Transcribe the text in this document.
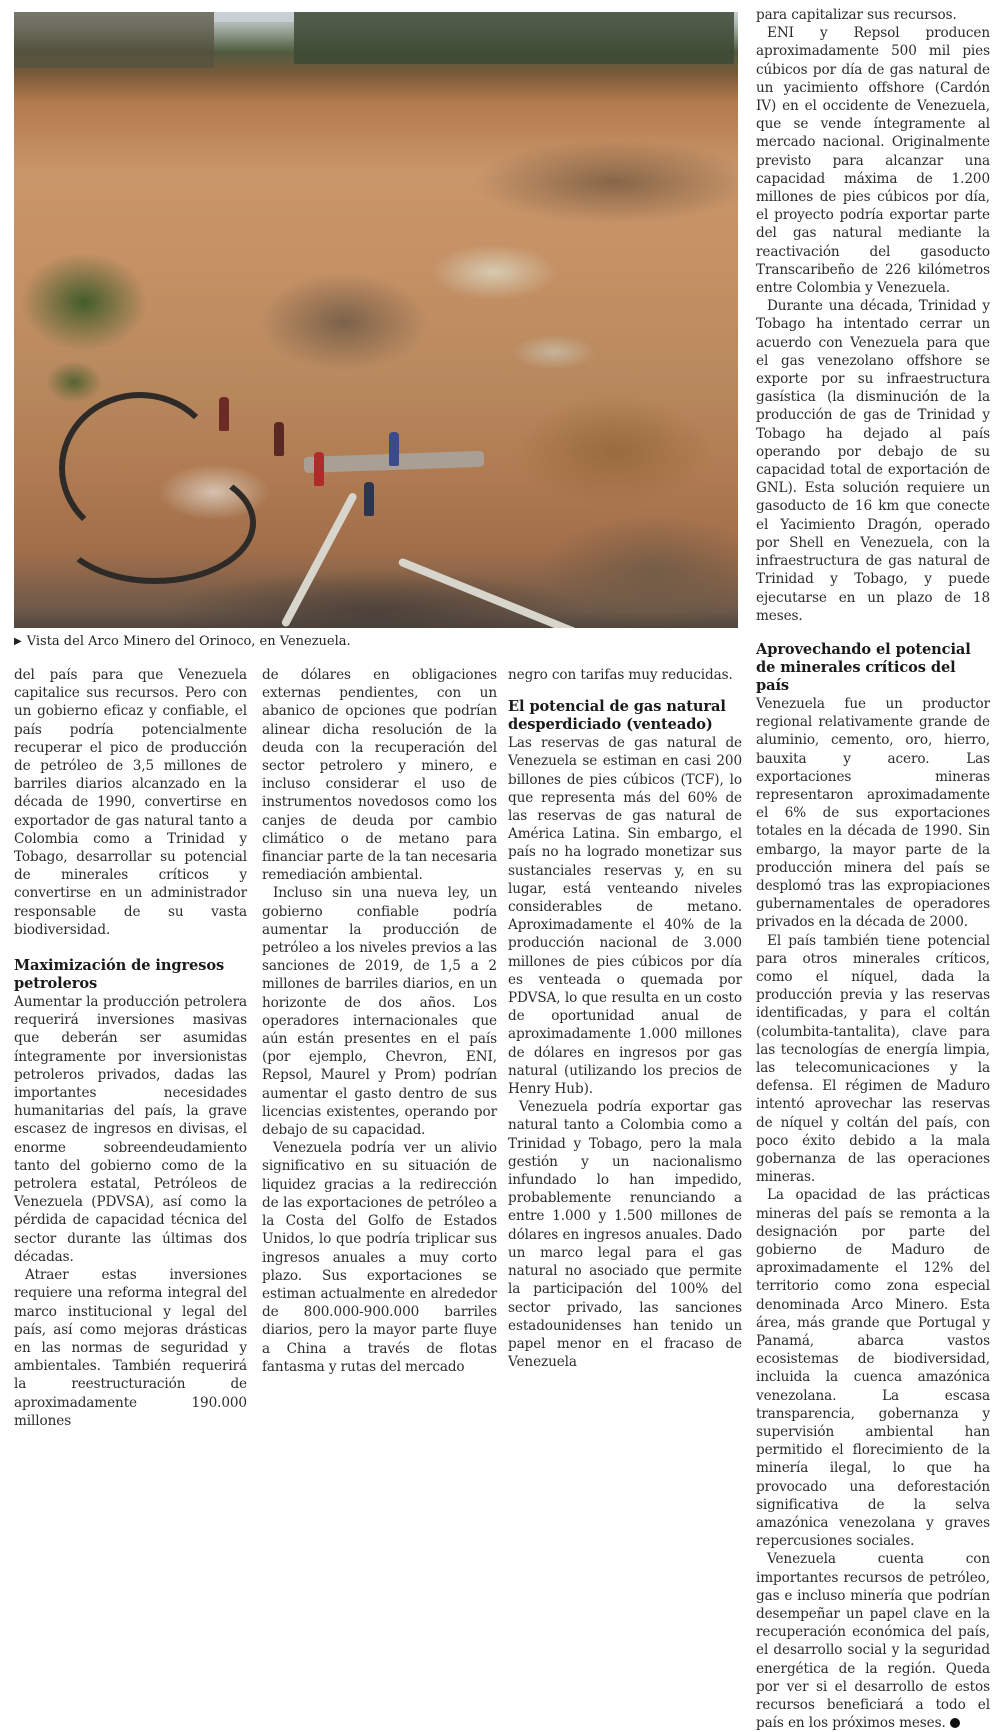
▶ Vista del Arco Minero del Orinoco, en Venezuela.

del país para que Venezuela capitalice sus recursos. Pero con un gobierno eficaz y confiable, el país podría potencialmente recuperar el pico de producción de petróleo de 3,5 millones de barriles diarios alcanzado en la década de 1990, convertirse en exportador de gas natural tanto a Colombia como a Trinidad y Tobago, desarrollar su potencial de minerales críticos y convertirse en un administrador responsable de su vasta biodiversidad.

Maximización de ingresos petroleros

Aumentar la producción petrolera requerirá inversiones masivas que deberán ser asumidas íntegramente por inversionistas petroleros privados, dadas las importantes necesidades humanitarias del país, la grave escasez de ingresos en divisas, el enorme sobreendeudamiento tanto del gobierno como de la petrolera estatal, Petróleos de Venezuela (PDVSA), así como la pérdida de capacidad técnica del sector durante las últimas dos décadas.

Atraer estas inversiones requiere una reforma integral del marco institucional y legal del país, así como mejoras drásticas en las normas de seguridad y ambientales. También requerirá la reestructuración de aproximadamente 190.000 millones

de dólares en obligaciones externas pendientes, con un abanico de opciones que podrían alinear dicha resolución de la deuda con la recuperación del sector petrolero y minero, e incluso considerar el uso de instrumentos novedosos como los canjes de deuda por cambio climático o de metano para financiar parte de la tan necesaria remediación ambiental.

Incluso sin una nueva ley, un gobierno confiable podría aumentar la producción de petróleo a los niveles previos a las sanciones de 2019, de 1,5 a 2 millones de barriles diarios, en un horizonte de dos años. Los operadores internacionales que aún están presentes en el país (por ejemplo, Chevron, ENI, Repsol, Maurel y Prom) podrían aumentar el gasto dentro de sus licencias existentes, operando por debajo de su capacidad.

Venezuela podría ver un alivio significativo en su situación de liquidez gracias a la redirección de las exportaciones de petróleo a la Costa del Golfo de Estados Unidos, lo que podría triplicar sus ingresos anuales a muy corto plazo. Sus exportaciones se estiman actualmente en alrededor de 800.000-900.000 barriles diarios, pero la mayor parte fluye a China a través de flotas fantasma y rutas del mercado

negro con tarifas muy reducidas.

El potencial de gas natural desperdiciado (venteado)

Las reservas de gas natural de Venezuela se estiman en casi 200 billones de pies cúbicos (TCF), lo que representa más del 60% de las reservas de gas natural de América Latina. Sin embargo, el país no ha logrado monetizar sus sustanciales reservas y, en su lugar, está venteando niveles considerables de metano. Aproximadamente el 40% de la producción nacional de 3.000 millones de pies cúbicos por día es venteada o quemada por PDVSA, lo que resulta en un costo de oportunidad anual de aproximadamente 1.000 millones de dólares en ingresos por gas natural (utilizando los precios de Henry Hub).

Venezuela podría exportar gas natural tanto a Colombia como a Trinidad y Tobago, pero la mala gestión y un nacionalismo infundado lo han impedido, probablemente renunciando a entre 1.000 y 1.500 millones de dólares en ingresos anuales. Dado un marco legal para el gas natural no asociado que permite la participación del 100% del sector privado, las sanciones estadounidenses han tenido un papel menor en el fracaso de Venezuela

para capitalizar sus recursos.

ENI y Repsol producen aproximadamente 500 mil pies cúbicos por día de gas natural de un yacimiento offshore (Cardón IV) en el occidente de Venezuela, que se vende íntegramente al mercado nacional. Originalmente previsto para alcanzar una capacidad máxima de 1.200 millones de pies cúbicos por día, el proyecto podría exportar parte del gas natural mediante la reactivación del gasoducto Transcaribeño de 226 kilómetros entre Colombia y Venezuela.

Durante una década, Trinidad y Tobago ha intentado cerrar un acuerdo con Venezuela para que el gas venezolano offshore se exporte por su infraestructura gasística (la disminución de la producción de gas de Trinidad y Tobago ha dejado al país operando por debajo de su capacidad total de exportación de GNL). Esta solución requiere un gasoducto de 16 km que conecte el Yacimiento Dragón, operado por Shell en Venezuela, con la infraestructura de gas natural de Trinidad y Tobago, y puede ejecutarse en un plazo de 18 meses.

Aprovechando el potencial de minerales críticos del país

Venezuela fue un productor regional relativamente grande de aluminio, cemento, oro, hierro, bauxita y acero. Las exportaciones mineras representaron aproximadamente el 6% de sus exportaciones totales en la década de 1990. Sin embargo, la mayor parte de la producción minera del país se desplomó tras las expropiaciones gubernamentales de operadores privados en la década de 2000.

El país también tiene potencial para otros minerales críticos, como el níquel, dada la producción previa y las reservas identificadas, y para el coltán (columbita-tantalita), clave para las tecnologías de energía limpia, las telecomunicaciones y la defensa. El régimen de Maduro intentó aprovechar las reservas de níquel y coltán del país, con poco éxito debido a la mala gobernanza de las operaciones mineras.

La opacidad de las prácticas mineras del país se remonta a la designación por parte del gobierno de Maduro de aproximadamente el 12% del territorio como zona especial denominada Arco Minero. Esta área, más grande que Portugal y Panamá, abarca vastos ecosistemas de biodiversidad, incluida la cuenca amazónica venezolana. La escasa transparencia, gobernanza y supervisión ambiental han permitido el florecimiento de la minería ilegal, lo que ha provocado una deforestación significativa de la selva amazónica venezolana y graves repercusiones sociales.

Venezuela cuenta con importantes recursos de petróleo, gas e incluso minería que podrían desempeñar un papel clave en la recuperación económica del país, el desarrollo social y la seguridad energética de la región. Queda por ver si el desarrollo de estos recursos beneficiará a todo el país en los próximos meses.
